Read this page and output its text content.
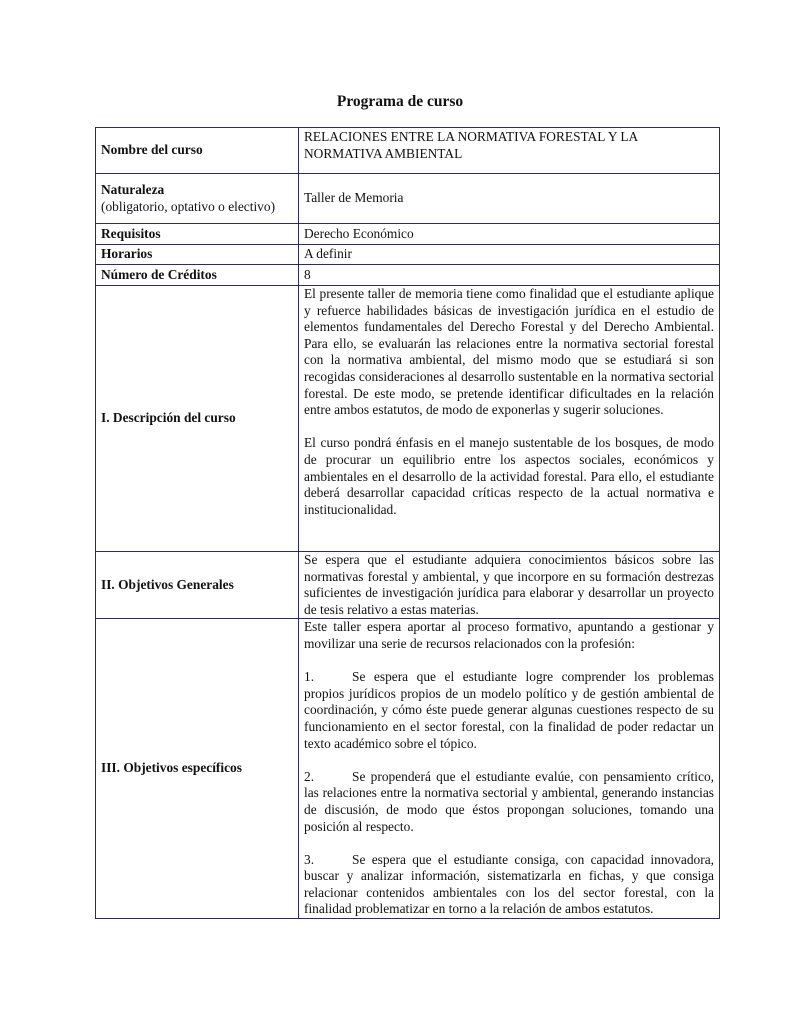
Programa de curso
Nombre del curso	RELACIONES ENTRE LA NORMATIVA FORESTAL Y LA NORMATIVA AMBIENTAL

Naturaleza
(obligatorio, optativo o electivo)	Taller de Memoria
Requisitos	Derecho Económico
Horarios	A definir
Número de Créditos	8
I. Descripción del curso	El presente taller de memoria tiene como finalidad que el estudiante aplique y refuerce habilidades básicas de investigación jurídica en el estudio de elementos fundamentales del Derecho Forestal y del Derecho Ambiental. Para ello, se evaluarán las relaciones entre la normativa sectorial forestal con la normativa ambiental, del mismo modo que se estudiará si son recogidas consideraciones al desarrollo sustentable en la normativa sectorial forestal. De este modo, se pretende identificar dificultades en la relación entre ambos estatutos, de modo de exponerlas y sugerir soluciones.

El curso pondrá énfasis en el manejo sustentable de los bosques, de modo de procurar un equilibrio entre los aspectos sociales, económicos y ambientales en el desarrollo de la actividad forestal. Para ello, el estudiante deberá desarrollar capacidad críticas respecto de la actual normativa e institucionalidad.

II. Objetivos Generales	Se espera que el estudiante adquiera conocimientos básicos sobre las normativas forestal y ambiental, y que incorpore en su formación destrezas suficientes de investigación jurídica para elaborar y desarrollar un proyecto de tesis relativo a estas materias.
III. Objetivos específicos	Este taller espera aportar al proceso formativo, apuntando a gestionar y movilizar una serie de recursos relacionados con la profesión:

1. Se espera que el estudiante logre comprender los problemas propios jurídicos propios de un modelo político y de gestión ambiental de coordinación, y cómo éste puede generar algunas cuestiones respecto de su funcionamiento en el sector forestal, con la finalidad de poder redactar un texto académico sobre el tópico.

2. Se propenderá que el estudiante evalúe, con pensamiento crítico, las relaciones entre la normativa sectorial y ambiental, generando instancias de discusión, de modo que éstos propongan soluciones, tomando una posición al respecto.

3. Se espera que el estudiante consiga, con capacidad innovadora, buscar y analizar información, sistematizarla en fichas, y que consiga relacionar contenidos ambientales con los del sector forestal, con la finalidad problematizar en torno a la relación de ambos estatutos.
